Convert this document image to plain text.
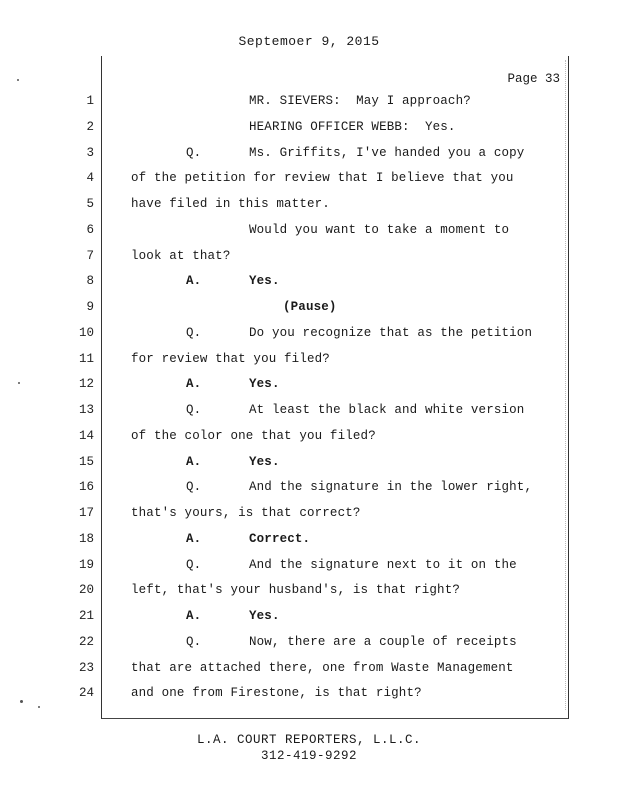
Septemoer 9, 2015
Page 33
1	MR. SIEVERS:  May I approach?
2	HEARING OFFICER WEBB:  Yes.
3	Q.	Ms. Griffits, I've handed you a copy
4	of the petition for review that I believe that you
5	have filed in this matter.
6	Would you want to take a moment to
7	look at that?
8	A.	Yes.
9	(Pause)
10	Q.	Do you recognize that as the petition
11	for review that you filed?
12	A.	Yes.
13	Q.	At least the black and white version
14	of the color one that you filed?
15	A.	Yes.
16	Q.	And the signature in the lower right,
17	that's yours, is that correct?
18	A.	Correct.
19	Q.	And the signature next to it on the
20	left, that's your husband's, is that right?
21	A.	Yes.
22	Q.	Now, there are a couple of receipts
23	that are attached there, one from Waste Management
24	and one from Firestone, is that right?
L.A. COURT REPORTERS, L.L.C.
312-419-9292
